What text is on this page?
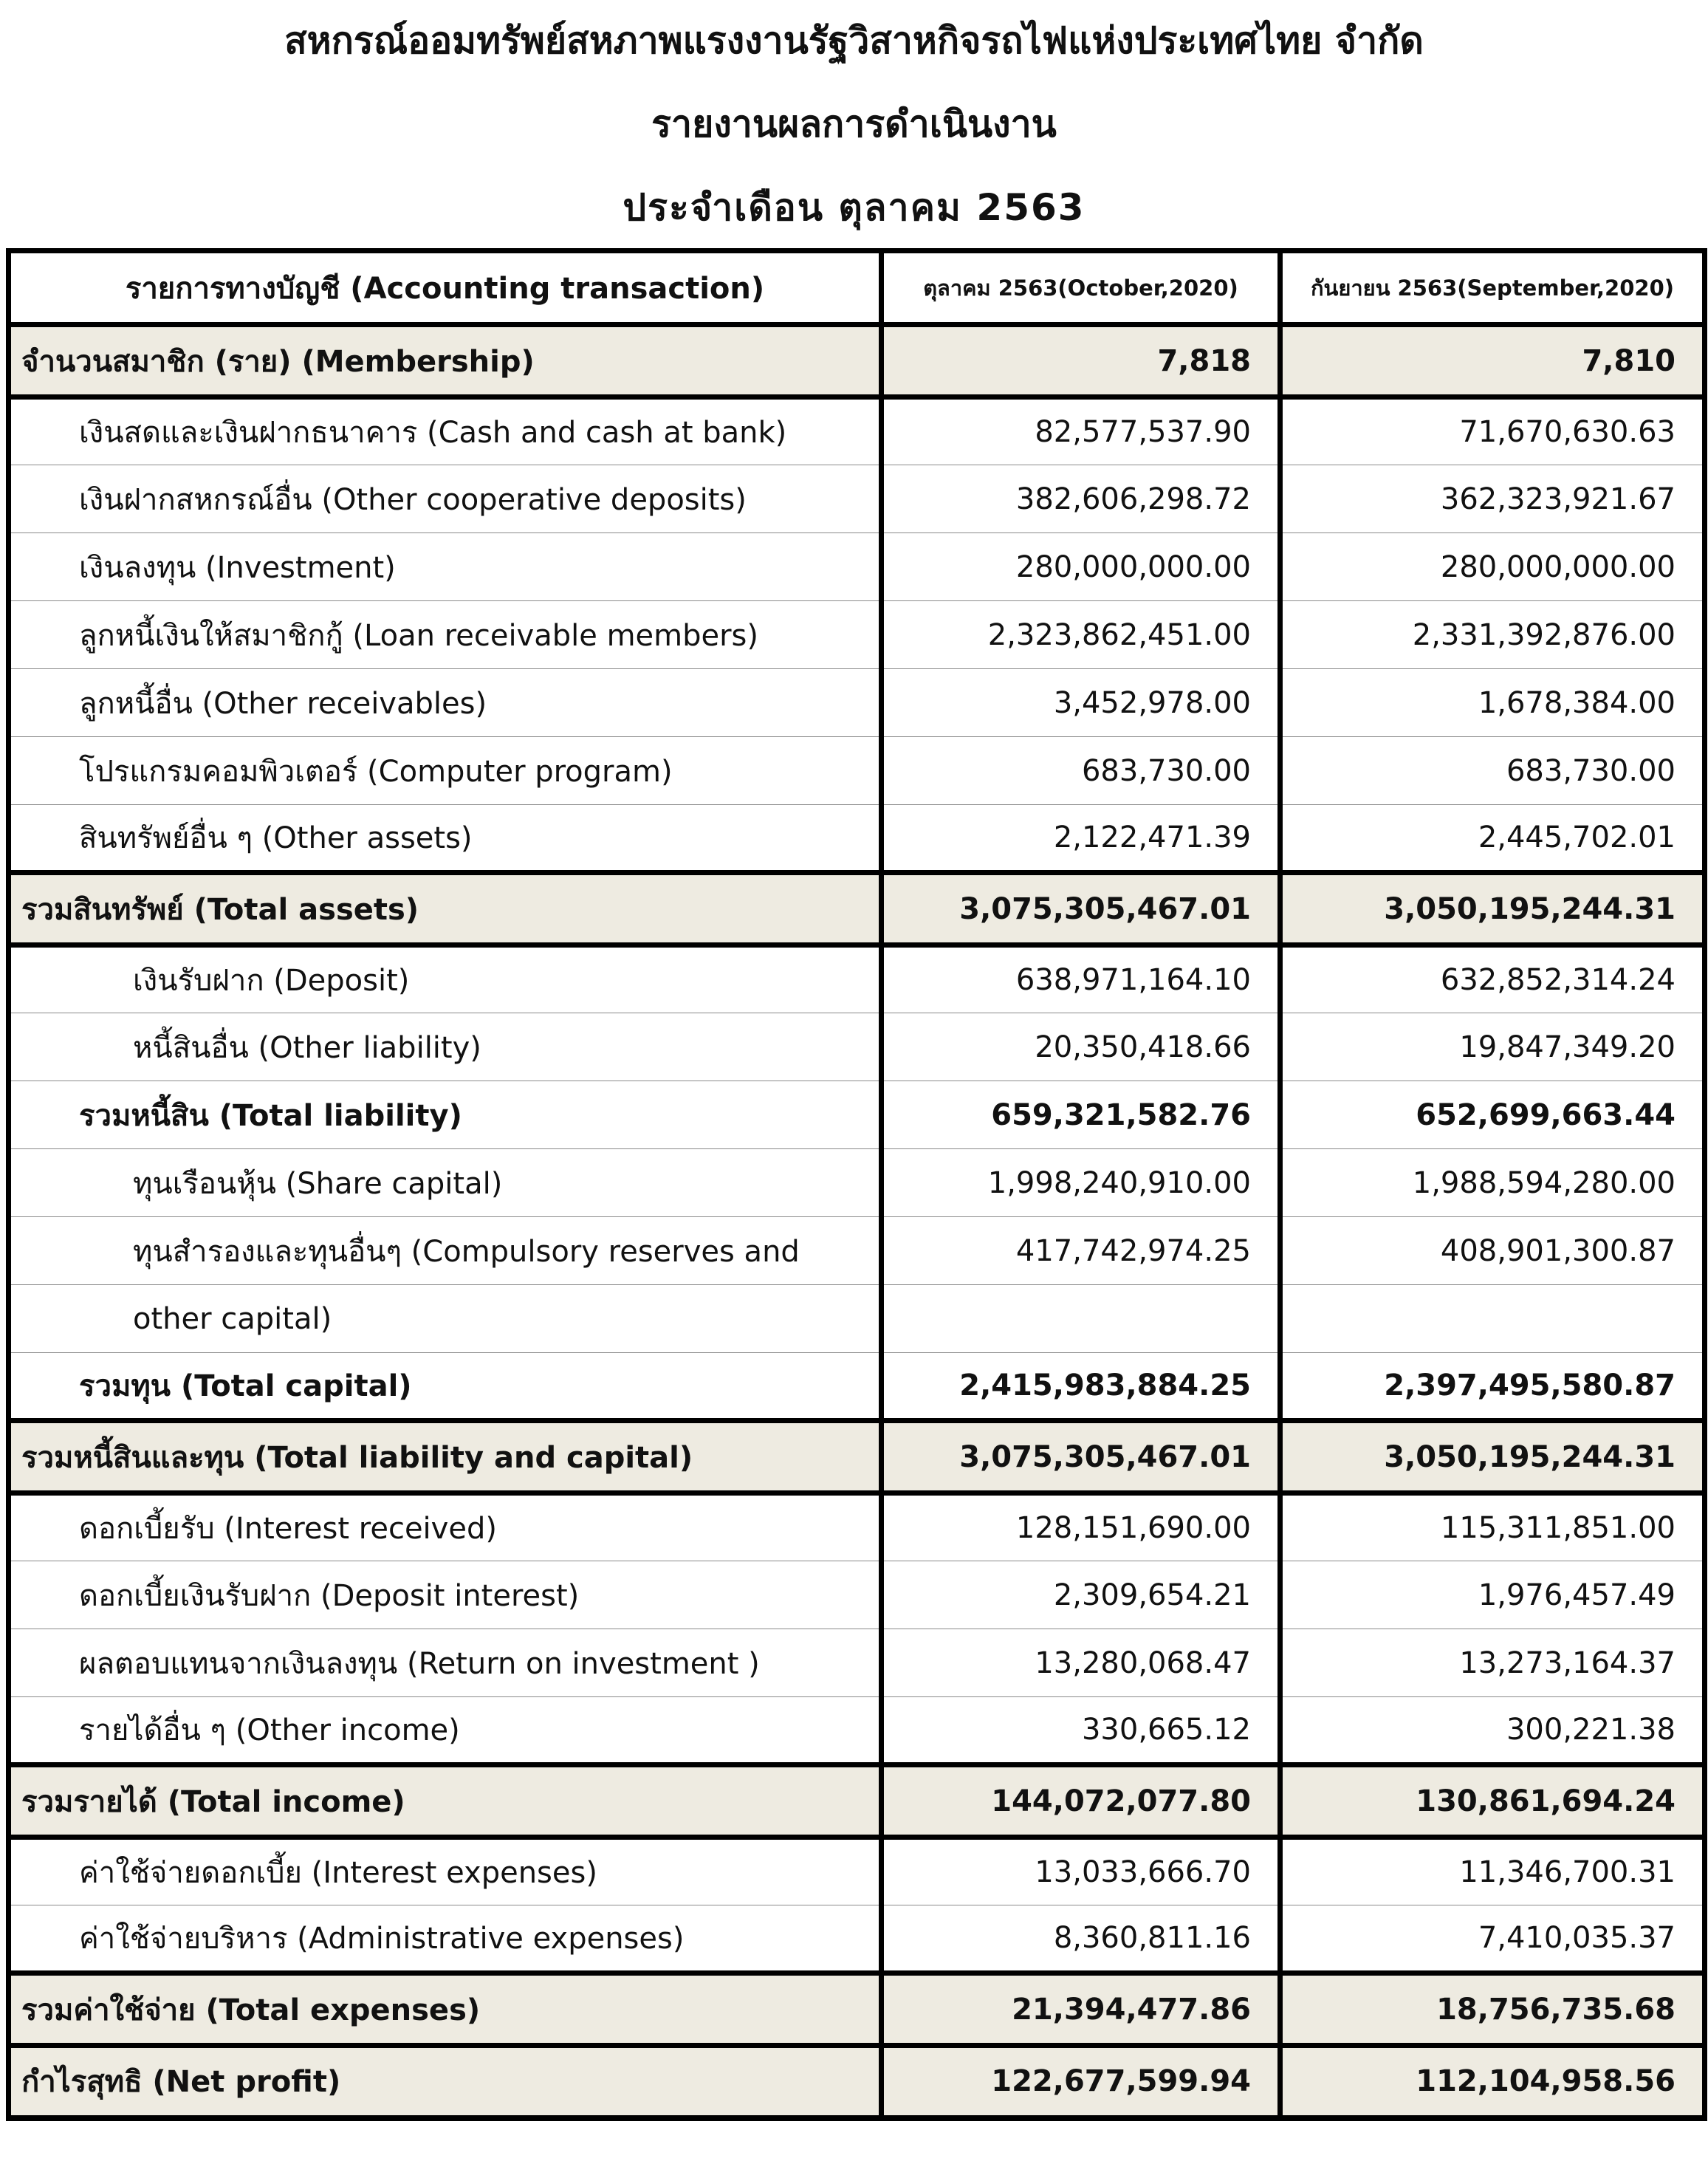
สหกรณ์ออมทรัพย์สหภาพแรงงานรัฐวิสาหกิจรถไฟแห่งประเทศไทย จำกัด
รายงานผลการดำเนินงาน
ประจำเดือน ตุลาคม 2563
รายการทางบัญชี (Accounting transaction)	ตุลาคม 2563(October,2020)	กันยายน 2563(September,2020)
จำนวนสมาชิก (ราย) (Membership)	7,818	7,810
เงินสดและเงินฝากธนาคาร (Cash and cash at bank)	82,577,537.90	71,670,630.63
เงินฝากสหกรณ์อื่น (Other cooperative deposits)	382,606,298.72	362,323,921.67
เงินลงทุน (Investment)	280,000,000.00	280,000,000.00
ลูกหนี้เงินให้สมาชิกกู้ (Loan receivable members)	2,323,862,451.00	2,331,392,876.00
ลูกหนี้อื่น (Other receivables)	3,452,978.00	1,678,384.00
โปรแกรมคอมพิวเตอร์ (Computer program)	683,730.00	683,730.00
สินทรัพย์อื่น ๆ (Other assets)	2,122,471.39	2,445,702.01
รวมสินทรัพย์ (Total assets)	3,075,305,467.01	3,050,195,244.31
เงินรับฝาก (Deposit)	638,971,164.10	632,852,314.24
หนี้สินอื่น (Other liability)	20,350,418.66	19,847,349.20
รวมหนี้สิน (Total liability)	659,321,582.76	652,699,663.44
ทุนเรือนหุ้น (Share capital)	1,998,240,910.00	1,988,594,280.00
ทุนสำรองและทุนอื่นๆ (Compulsory reserves and	417,742,974.25	408,901,300.87
other capital)		
รวมทุน (Total capital)	2,415,983,884.25	2,397,495,580.87
รวมหนี้สินและทุน (Total liability and capital)	3,075,305,467.01	3,050,195,244.31
ดอกเบี้ยรับ (Interest received)	128,151,690.00	115,311,851.00
ดอกเบี้ยเงินรับฝาก (Deposit interest)	2,309,654.21	1,976,457.49
ผลตอบแทนจากเงินลงทุน (Return on investment )	13,280,068.47	13,273,164.37
รายได้อื่น ๆ (Other income)	330,665.12	300,221.38
รวมรายได้ (Total income)	144,072,077.80	130,861,694.24
ค่าใช้จ่ายดอกเบี้ย (Interest expenses)	13,033,666.70	11,346,700.31
ค่าใช้จ่ายบริหาร (Administrative expenses)	8,360,811.16	7,410,035.37
รวมค่าใช้จ่าย (Total expenses)	21,394,477.86	18,756,735.68
กำไรสุทธิ (Net profit)	122,677,599.94	112,104,958.56
